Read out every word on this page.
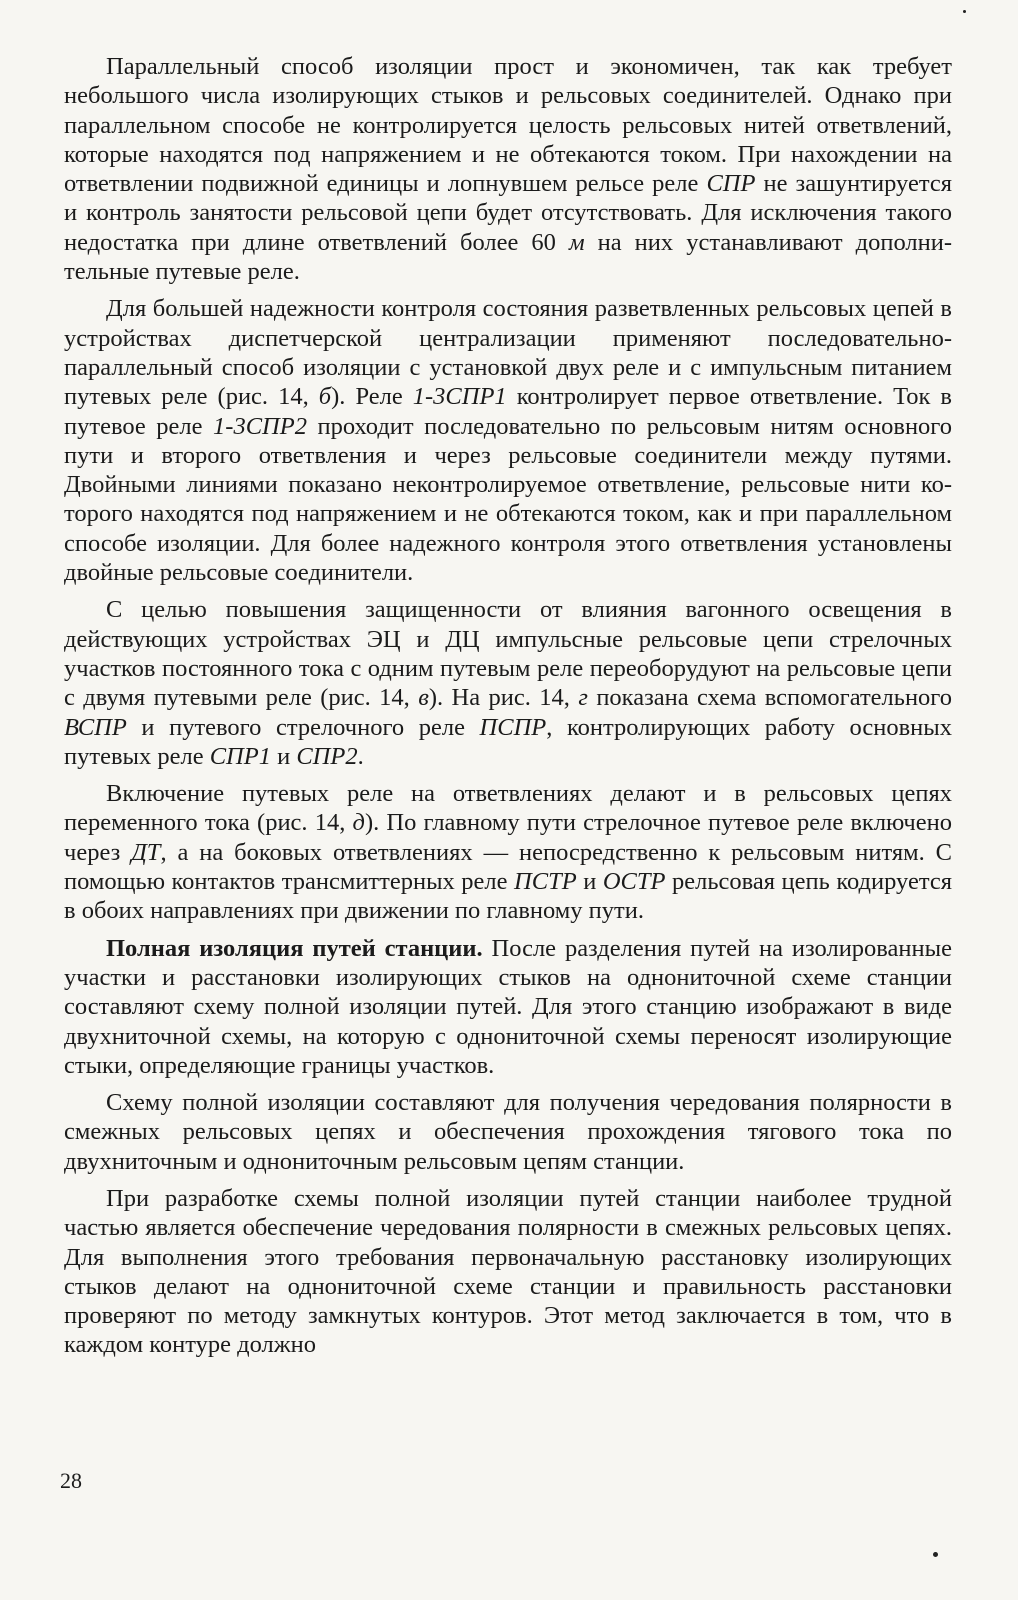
Параллельный способ изоляции прост и экономичен, так как требует небольшого числа изолирующих стыков и рельсовых соединителей. Однако при параллельном способе не контролируется целость рельсовых нитей ответвлений, которые находятся под напряжением и не обтекаются током. При нахождении на ответвлении подвижной единицы и лопнувшем рельсе реле СПР не зашунтируется и контроль занятости рельсовой цепи будет отсутствовать. Для исключения такого недостатка при длине ответвлений более 60 м на них устанавливают дополнительные путевые реле.

Для большей надежности контроля состояния разветвленных рельсовых цепей в устройствах диспетчерской централизации применяют последовательно-параллельный способ изоляции с установкой двух реле и с импульсным питанием путевых реле (рис. 14, б). Реле 1-3СПР1 контролирует первое ответвление. Ток в путевое реле 1-3СПР2 проходит последовательно по рельсовым нитям основного пути и второго ответвления и через рельсовые соединители между путями. Двойными линиями показано неконтролируемое ответвление, рельсовые нити которого находятся под напряжением и не обтекаются током, как и при параллельном способе изоляции. Для более надежного контроля этого ответвления установлены двойные рельсовые соединители.

С целью повышения защищенности от влияния вагонного освещения в действующих устройствах ЭЦ и ДЦ импульсные рельсовые цепи стрелочных участков постоянного тока с одним путевым реле переоборудуют на рельсовые цепи с двумя путевыми реле (рис. 14, в). На рис. 14, г показана схема вспомогательного ВСПР и путевого стрелочного реле ПСПР, контролирующих работу основных путевых реле СПР1 и СПР2.

Включение путевых реле на ответвлениях делают и в рельсовых цепях переменного тока (рис. 14, д). По главному пути стрелочное путевое реле включено через ДТ, а на боковых ответвлениях — непосредственно к рельсовым нитям. С помощью контактов трансмиттерных реле ПСТР и ОСТР рельсовая цепь кодируется в обоих направлениях при движении по главному пути.

Полная изоляция путей станции. После разделения путей на изолированные участки и расстановки изолирующих стыков на однониточной схеме станции составляют схему полной изоляции путей. Для этого станцию изображают в виде двухниточной схемы, на которую с однониточной схемы переносят изолирующие стыки, определяющие границы участков.

Схему полной изоляции составляют для получения чередования полярности в смежных рельсовых цепях и обеспечения прохождения тягового тока по двухниточным и однониточным рельсовым цепям станции.

При разработке схемы полной изоляции путей станции наиболее трудной частью является обеспечение чередования полярности в смежных рельсовых цепях. Для выполнения этого требования первоначальную расстановку изолирующих стыков делают на однониточной схеме станции и правильность расстановки проверяют по методу замкнутых контуров. Этот метод заключается в том, что в каждом контуре должно

28
